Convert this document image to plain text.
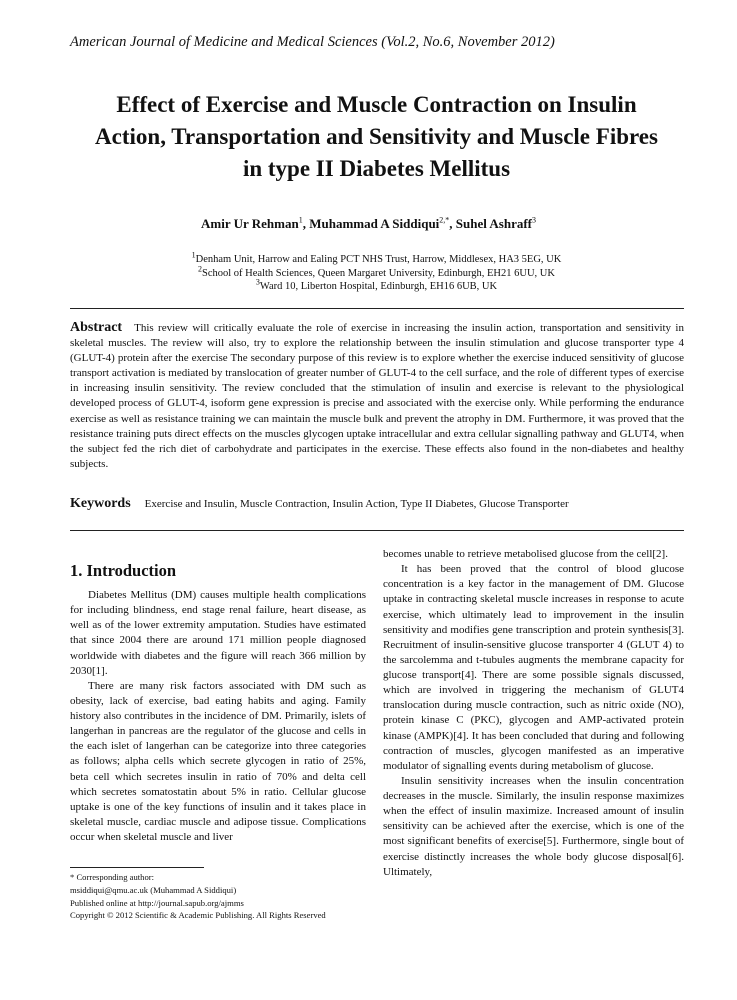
American Journal of Medicine and Medical Sciences (Vol.2, No.6, November 2012)
Effect of Exercise and Muscle Contraction on Insulin
Action, Transportation and Sensitivity and Muscle Fibres
in type II Diabetes Mellitus
Amir Ur Rehman$^1$, Muhammad A Siddiqui$^{2,*}$, Suhel Ashraff$^3$
$^1$Denham Unit, Harrow and Ealing PCT NHS Trust, Harrow, Middlesex, HA3 5EG, UK
$^2$School of Health Sciences, Queen Margaret University, Edinburgh, EH21 6UU, UK
$^3$Ward 10, Liberton Hospital, Edinburgh, EH16 6UB, UK
Abstract This review will critically evaluate the role of exercise in increasing the insulin action, transportation and sensitivity in skeletal muscles. The review will also, try to explore the relationship between the insulin stimulation and glucose transporter type 4 (GLUT-4) protein after the exercise The secondary purpose of this review is to explore whether the exercise induced sensitivity of glucose transport activation is mediated by translocation of greater number of GLUT-4 to the cell surface, and the role of different types of exercise in increasing insulin sensitivity. The review concluded that the stimulation of insulin and exercise is relevant to the physiological developed process of GLUT-4, isoform gene expression is precise and associated with the exercise only. While performing the endurance exercise as well as resistance training we can maintain the muscle bulk and prevent the atrophy in DM. Furthermore, it was proved that the resistance training puts direct effects on the muscles glycogen uptake intracellular and extra cellular signalling pathway and GLUT4, when the subject fed the rich diet of carbohydrate and participates in the exercise. These effects also found in the non-diabetes and healthy subjects.
Keywords Exercise and Insulin, Muscle Contraction, Insulin Action, Type II Diabetes, Glucose Transporter
1. Introduction

Diabetes Mellitus (DM) causes multiple health complications for including blindness, end stage renal failure, heart disease, as well as of the lower extremity amputation. Studies have estimated that since 2004 there are around 171 million people diagnosed worldwide with diabetes and the figure will reach 366 million by 2030[1].

There are many risk factors associated with DM such as obesity, lack of exercise, bad eating habits and aging. Family history also contributes in the incidence of DM. Primarily, islets of langerhan in pancreas are the regulator of the glucose and cells in the each islet of langerhan can be categorize into three categories as follows; alpha cells which secrete glycogen in ratio of 25%, beta cell which secretes insulin in ratio of 70% and delta cell which secretes somatostatin about 5% in ratio. Cellular glucose uptake is one of the key functions of insulin and it takes place in skeletal muscle, cardiac muscle and adipose tissue. Complications occur when skeletal muscle and liver

* Corresponding author:
msiddiqui@qmu.ac.uk (Muhammad A Siddiqui)
Published online at http://journal.sapub.org/ajmms
Copyright © 2012 Scientific & Academic Publishing. All Rights Reserved

becomes unable to retrieve metabolised glucose from the cell[2].

It has been proved that the control of blood glucose concentration is a key factor in the management of DM. Glucose uptake in contracting skeletal muscle increases in response to acute exercise, which ultimately lead to improvement in the insulin sensitivity and modifies gene transcription and protein synthesis[3]. Recruitment of insulin-sensitive glucose transporter 4 (GLUT 4) to the sarcolemma and t-tubules augments the membrane capacity for glucose transport[4]. There are some possible signals discussed, which are involved in triggering the mechanism of GLUT4 translocation during muscle contraction, such as nitric oxide (NO), protein kinase C (PKC), glycogen and AMP-activated protein kinase (AMPK)[4]. It has been concluded that during and following contraction of muscles, glycogen manifested as an imperative modulator of signalling events during metabolism of glucose.

Insulin sensitivity increases when the insulin concentration decreases in the muscle. Similarly, the insulin response maximizes when the effect of insulin maximize. Increased amount of insulin sensitivity can be achieved after the exercise, which is one of the most significant benefits of exercise[5]. Furthermore, single bout of exercise distinctly increases the whole body glucose disposal[6]. Ultimately,
